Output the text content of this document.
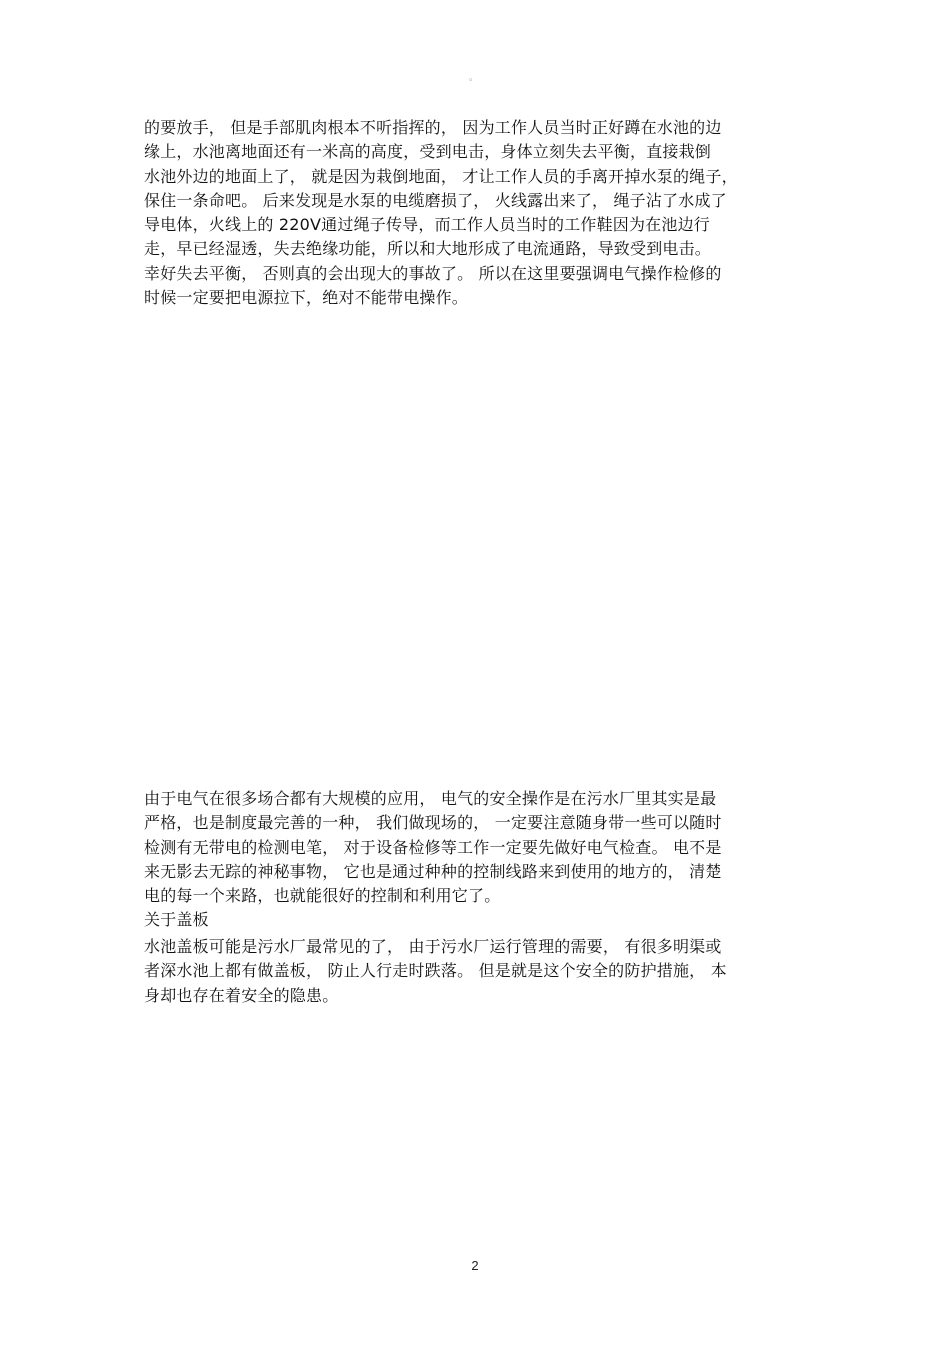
。
的要放手， 但是手部肌肉根本不听指挥的， 因为工作人员当时正好蹲在水池的边
缘上，水池离地面还有一米高的高度，受到电击，身体立刻失去平衡，直接栽倒
水池外边的地面上了， 就是因为栽倒地面， 才让工作人员的手离开掉水泵的绳子，
保住一条命吧。 后来发现是水泵的电缆磨损了， 火线露出来了， 绳子沾了水成了
导电体，火线上的 220V通过绳子传导，而工作人员当时的工作鞋因为在池边行
走，早已经湿透，失去绝缘功能，所以和大地形成了电流通路，导致受到电击。
幸好失去平衡， 否则真的会出现大的事故了。 所以在这里要强调电气操作检修的
时候一定要把电源拉下，绝对不能带电操作。
由于电气在很多场合都有大规模的应用， 电气的安全操作是在污水厂里其实是最
严格，也是制度最完善的一种， 我们做现场的， 一定要注意随身带一些可以随时
检测有无带电的检测电笔， 对于设备检修等工作一定要先做好电气检查。 电不是
来无影去无踪的神秘事物， 它也是通过种种的控制线路来到使用的地方的， 清楚
电的每一个来路，也就能很好的控制和利用它了。
关于盖板
水池盖板可能是污水厂最常见的了， 由于污水厂运行管理的需要， 有很多明渠或
者深水池上都有做盖板， 防止人行走时跌落。 但是就是这个安全的防护措施， 本
身却也存在着安全的隐患。
2
